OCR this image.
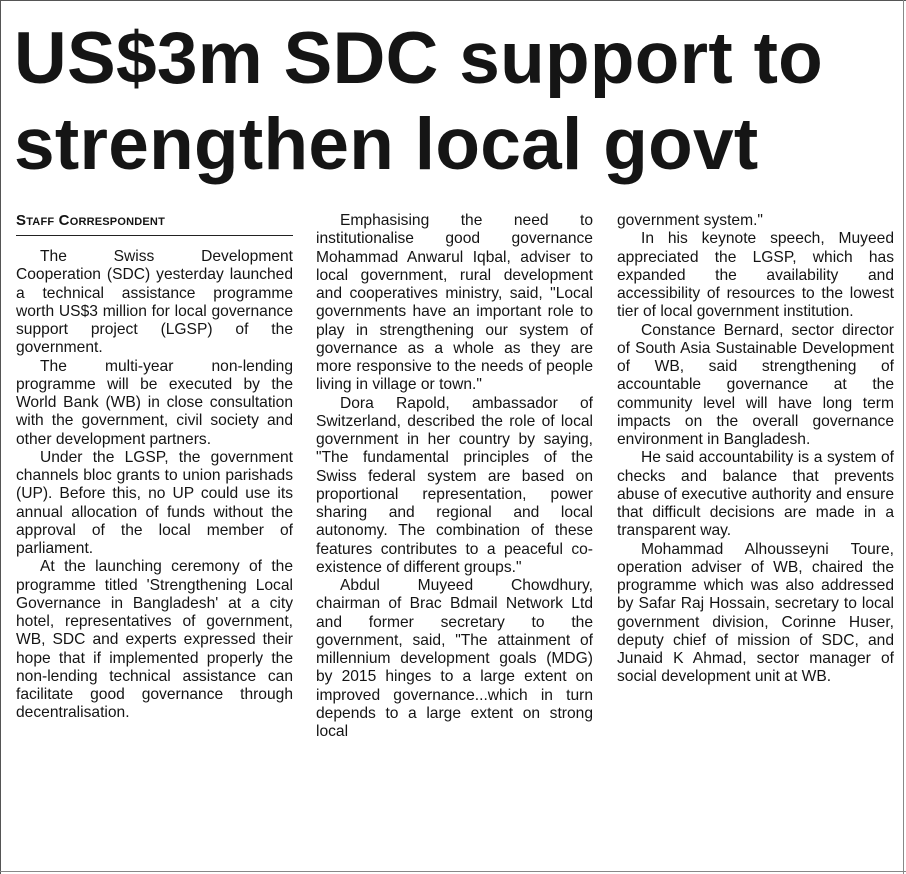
US$3m SDC support to
strengthen local govt
Staff Correspondent

The Swiss Development Cooperation (SDC) yesterday launched a technical assistance programme worth US$3 million for local governance support project (LGSP) of the government.

The multi-year non-lending programme will be executed by the World Bank (WB) in close consultation with the government, civil society and other development partners.

Under the LGSP, the government channels bloc grants to union parishads (UP). Before this, no UP could use its annual allocation of funds without the approval of the local member of parliament.

At the launching ceremony of the programme titled 'Strengthening Local Governance in Bangladesh' at a city hotel, representatives of government, WB, SDC and experts expressed their hope that if implemented properly the non-lending technical assistance can facilitate good governance through decentralisation.

Emphasising the need to institutionalise good governance Mohammad Anwarul Iqbal, adviser to local government, rural development and cooperatives ministry, said, "Local governments have an important role to play in strengthening our system of governance as a whole as they are more responsive to the needs of people living in village or town."

Dora Rapold, ambassador of Switzerland, described the role of local government in her country by saying, "The fundamental principles of the Swiss federal system are based on proportional representation, power sharing and regional and local autonomy. The combination of these features contributes to a peaceful co-existence of different groups."

Abdul Muyeed Chowdhury, chairman of Brac Bdmail Network Ltd and former secretary to the government, said, "The attainment of millennium development goals (MDG) by 2015 hinges to a large extent on improved governance...which in turn depends to a large extent on strong local

government system."

In his keynote speech, Muyeed appreciated the LGSP, which has expanded the availability and accessibility of resources to the lowest tier of local government institution.

Constance Bernard, sector director of South Asia Sustainable Development of WB, said strengthening of accountable governance at the community level will have long term impacts on the overall governance environment in Bangladesh.

He said accountability is a system of checks and balance that prevents abuse of executive authority and ensure that difficult decisions are made in a transparent way.

Mohammad Alhousseyni Toure, operation adviser of WB, chaired the programme which was also addressed by Safar Raj Hossain, secretary to local government division, Corinne Huser, deputy chief of mission of SDC, and Junaid K Ahmad, sector manager of social development unit at WB.
